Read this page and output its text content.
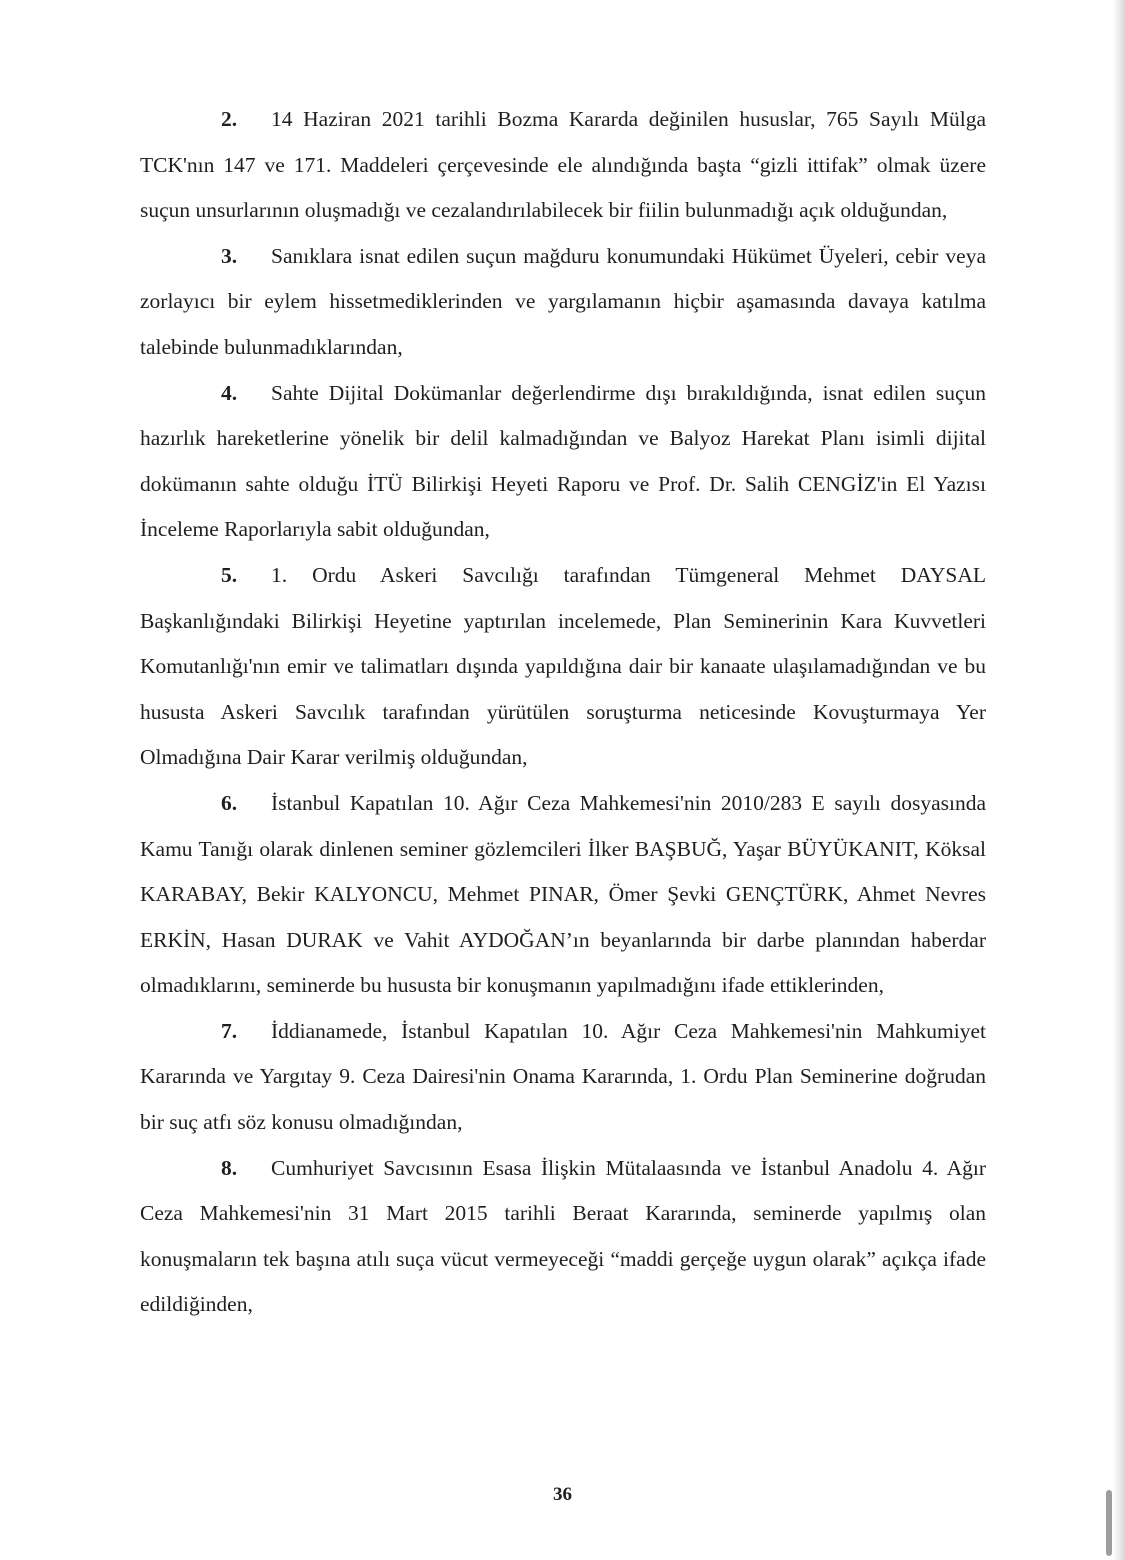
2. 14 Haziran 2021 tarihli Bozma Kararda değinilen hususlar, 765 Sayılı Mülga TCK'nın 147 ve 171. Maddeleri çerçevesinde ele alındığında başta “gizli ittifak” olmak üzere suçun unsurlarının oluşmadığı ve cezalandırılabilecek bir fiilin bulunmadığı açık olduğundan,

3. Sanıklara isnat edilen suçun mağduru konumundaki Hükümet Üyeleri, cebir veya zorlayıcı bir eylem hissetmediklerinden ve yargılamanın hiçbir aşamasında davaya katılma talebinde bulunmadıklarından,

4. Sahte Dijital Dokümanlar değerlendirme dışı bırakıldığında, isnat edilen suçun hazırlık hareketlerine yönelik bir delil kalmadığından ve Balyoz Harekat Planı isimli dijital dokümanın sahte olduğu İTÜ Bilirkişi Heyeti Raporu ve Prof. Dr. Salih CENGİZ'in El Yazısı İnceleme Raporlarıyla sabit olduğundan,

5. 1. Ordu Askeri Savcılığı tarafından Tümgeneral Mehmet DAYSAL Başkanlığındaki Bilirkişi Heyetine yaptırılan incelemede, Plan Seminerinin Kara Kuvvetleri Komutanlığı'nın emir ve talimatları dışında yapıldığına dair bir kanaate ulaşılamadığından ve bu hususta Askeri Savcılık tarafından yürütülen soruşturma neticesinde Kovuşturmaya Yer Olmadığına Dair Karar verilmiş olduğundan,

6. İstanbul Kapatılan 10. Ağır Ceza Mahkemesi'nin 2010/283 E sayılı dosyasında Kamu Tanığı olarak dinlenen seminer gözlemcileri İlker BAŞBUĞ, Yaşar BÜYÜKANIT, Köksal KARABAY, Bekir KALYONCU, Mehmet PINAR, Ömer Şevki GENÇTÜRK, Ahmet Nevres ERKİN, Hasan DURAK ve Vahit AYDOĞAN’ın beyanlarında bir darbe planından haberdar olmadıklarını, seminerde bu hususta bir konuşmanın yapılmadığını ifade ettiklerinden,

7. İddianamede, İstanbul Kapatılan 10. Ağır Ceza Mahkemesi'nin Mahkumiyet Kararında ve Yargıtay 9. Ceza Dairesi'nin Onama Kararında, 1. Ordu Plan Seminerine doğrudan bir suç atfı söz konusu olmadığından,

8. Cumhuriyet Savcısının Esasa İlişkin Mütalaasında ve İstanbul Anadolu 4. Ağır Ceza Mahkemesi'nin 31 Mart 2015 tarihli Beraat Kararında, seminerde yapılmış olan konuşmaların tek başına atılı suça vücut vermeyeceği “maddi gerçeğe uygun olarak” açıkça ifade edildiğinden,

36
